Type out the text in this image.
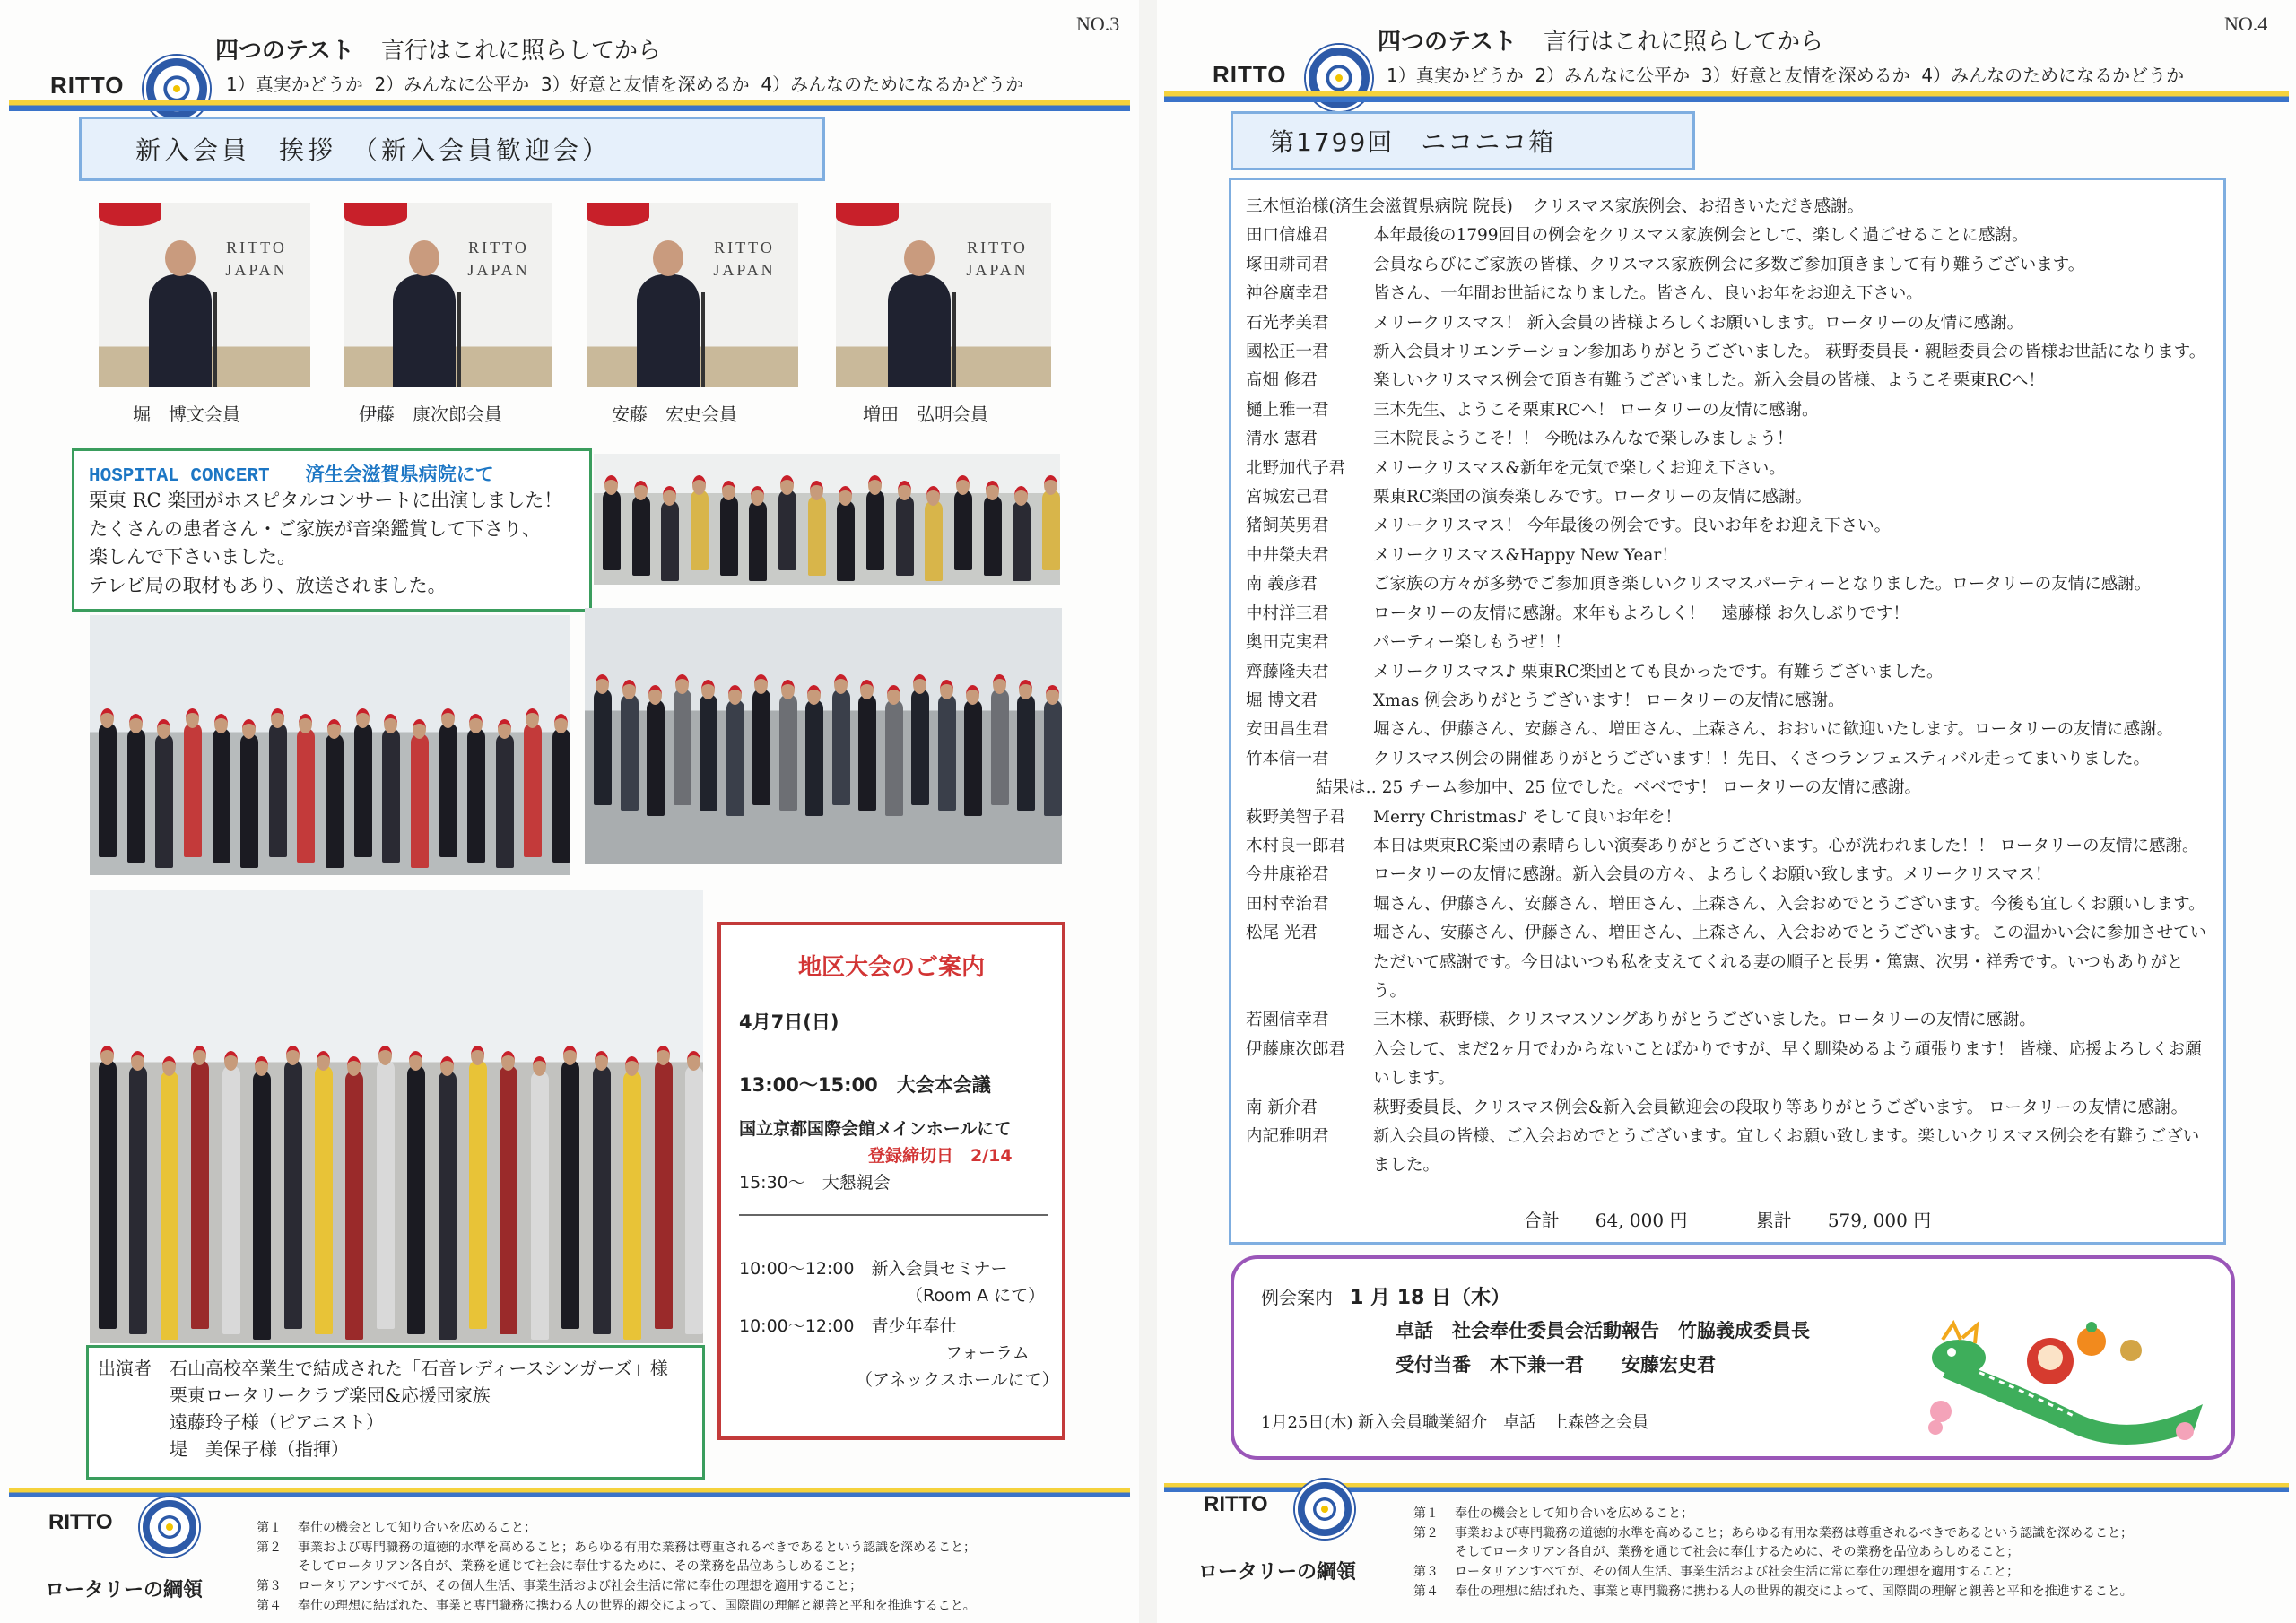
NO.3
四つのテスト 言行はこれに照らしてから
RITTO	1）真実かどうか 2）みんなに公平か 3）好意と友情を深めるか 4）みんなのためになるかどうか
新入会員　挨拶　（新入会員歓迎会）
HOSPITAL CONCERT 済生会滋賀県病院にて
栗東 RC 楽団がホスピタルコンサートに出演しました！
たくさんの患者さん・ご家族が音楽鑑賞して下さり、
楽しんで下さいました。
テレビ局の取材もあり、放送されました。
出演者 石山高校卒業生で結成された「石音レディースシンガーズ」様
栗東ロータリークラブ楽団&応援団家族
遠藤玲子様（ピアニスト）
堤　美保子様（指揮）
地区大会のご案内
4月7日(日)
13:00〜15:00　大会本会議
国立京都国際会館メインホールにて
登録締切日　2/14
15:30〜　大懇親会
10:00〜12:00　新入会員セミナー
（Room A にて）
10:00〜12:00　青少年奉仕
フォーラム
（アネックスホールにて）
RITTO
ロータリーの綱領
第１ 奉仕の機会として知り合いを広めること；
第２ 事業および専門職務の道徳的水準を高めること；あらゆる有用な業務は尊重されるべきであるという認識を深めること；
そしてロータリアン各自が、業務を通じて社会に奉仕するために、その業務を品位あらしめること；
第３ ロータリアンすべてが、その個人生活、事業生活および社会生活に常に奉仕の理想を適用すること；
第４ 奉仕の理想に結ばれた、事業と専門職務に携わる人の世界的親交によって、国際間の理解と親善と平和を推進すること。
RITTO
JAPAN
堀　博文会員
RITTO
JAPAN
伊藤　康次郎会員
RITTO
JAPAN
安藤　宏史会員
RITTO
JAPAN
増田　弘明会員
NO.4
四つのテスト 言行はこれに照らしてから
RITTO	1）真実かどうか 2）みんなに公平か 3）好意と友情を深めるか 4）みんなのためになるかどうか
第1799回　ニコニコ箱
三木恒治様(済生会滋賀県病院 院長) クリスマス家族例会、お招きいただき感謝。
田口信雄君	本年最後の1799回目の例会をクリスマス家族例会として、楽しく過ごせることに感謝。
塚田耕司君	会員ならびにご家族の皆様、クリスマス家族例会に多数ご参加頂きまして有り難うございます。
神谷廣幸君	皆さん、一年間お世話になりました。皆さん、良いお年をお迎え下さい。
石光孝美君	メリークリスマス！ 新入会員の皆様よろしくお願いします。ロータリーの友情に感謝。
國松正一君	新入会員オリエンテーション参加ありがとうございました。 萩野委員長・親睦委員会の皆様お世話になります。
髙畑 修君	楽しいクリスマス例会で頂き有難うございました。新入会員の皆様、ようこそ栗東RCへ！
樋上雅一君	三木先生、ようこそ栗東RCへ！ ロータリーの友情に感謝。
清水 憲君	三木院長ようこそ！！ 今晩はみんなで楽しみましょう！
北野加代子君	メリークリスマス&新年を元気で楽しくお迎え下さい。
宮城宏己君	栗東RC楽団の演奏楽しみです。ロータリーの友情に感謝。
猪飼英男君	メリークリスマス！ 今年最後の例会です。良いお年をお迎え下さい。
中井榮夫君	メリークリスマス&Happy New Year！
南 義彦君	ご家族の方々が多勢でご参加頂き楽しいクリスマスパーティーとなりました。ロータリーの友情に感謝。
中村洋三君	ロータリーの友情に感謝。来年もよろしく！　遠藤様 お久しぶりです！
奥田克実君	パーティー楽しもうぜ！！
齊藤隆夫君	メリークリスマス♪ 栗東RC楽団とても良かったです。有難うございました。
堀 博文君	Xmas 例会ありがとうございます！ ロータリーの友情に感謝。
安田昌生君	堀さん、伊藤さん、安藤さん、増田さん、上森さん、おおいに歓迎いたします。ロータリーの友情に感謝。
竹本信一君	クリスマス例会の開催ありがとうございます！！先日、くさつランフェスティバル走ってまいりました。
結果は‥ 25 チーム参加中、25 位でした。べべです！ ロータリーの友情に感謝。
萩野美智子君	Merry Christmas♪ そして良いお年を！
木村良一郎君	本日は栗東RC楽団の素晴らしい演奏ありがとうございます。心が洗われました！！ ロータリーの友情に感謝。
今井康裕君	ロータリーの友情に感謝。新入会員の方々、よろしくお願い致します。メリークリスマス！
田村幸治君	堀さん、伊藤さん、安藤さん、増田さん、上森さん、入会おめでとうございます。今後も宜しくお願いします。
松尾 光君	堀さん、安藤さん、伊藤さん、増田さん、上森さん、入会おめでとうございます。この温かい会に参加させていただいて感謝です。今日はいつも私を支えてくれる妻の順子と長男・篤憲、次男・祥秀です。いつもありがとう。
若園信幸君	三木様、萩野様、クリスマスソングありがとうございました。ロータリーの友情に感謝。
伊藤康次郎君	入会して、まだ2ヶ月でわからないことばかりですが、早く馴染めるよう頑張ります！ 皆様、応援よろしくお願いします。
南 新介君	萩野委員長、クリスマス例会&新入会員歓迎会の段取り等ありがとうございます。 ロータリーの友情に感謝。
内記雅明君	新入会員の皆様、ご入会おめでとうございます。宜しくお願い致します。楽しいクリスマス例会を有難うございました。
合計 64, 000 円	累計 579, 000 円
例会案内 1 月 18 日（木）
卓話　社会奉仕委員会活動報告　竹脇義成委員長
受付当番　木下兼一君　　安藤宏史君
1月25日(木) 新入会員職業紹介　卓話　上森啓之会員
RITTO
ロータリーの綱領
第１ 奉仕の機会として知り合いを広めること；
第２ 事業および専門職務の道徳的水準を高めること；あらゆる有用な業務は尊重されるべきであるという認識を深めること；
そしてロータリアン各自が、業務を通じて社会に奉仕するために、その業務を品位あらしめること；
第３ ロータリアンすべてが、その個人生活、事業生活および社会生活に常に奉仕の理想を適用すること；
第４ 奉仕の理想に結ばれた、事業と専門職務に携わる人の世界的親交によって、国際間の理解と親善と平和を推進すること。
